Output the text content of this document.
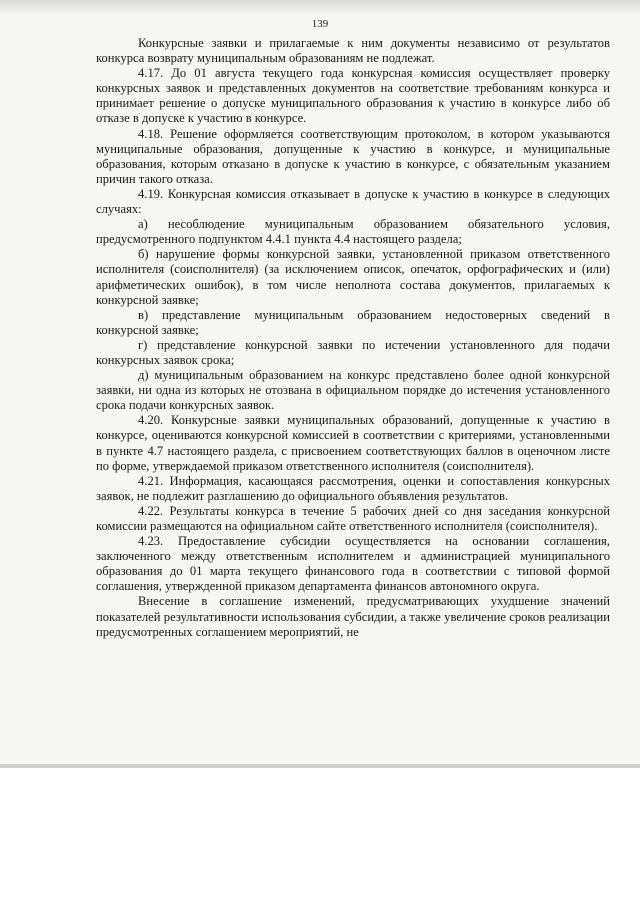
139

Конкурсные заявки и прилагаемые к ним документы независимо от результатов конкурса возврату муниципальным образованиям не подлежат.

4.17. До 01 августа текущего года конкурсная комиссия осуществляет проверку конкурсных заявок и представленных документов на соответствие требованиям конкурса и принимает решение о допуске муниципального образования к участию в конкурсе либо об отказе в допуске к участию в конкурсе.

4.18. Решение оформляется соответствующим протоколом, в котором указываются муниципальные образования, допущенные к участию в конкурсе, и муниципальные образования, которым отказано в допуске к участию в конкурсе, с обязательным указанием причин такого отказа.

4.19. Конкурсная комиссия отказывает в допуске к участию в конкурсе в следующих случаях:

а) несоблюдение муниципальным образованием обязательного условия, предусмотренного подпунктом 4.4.1 пункта 4.4 настоящего раздела;

б) нарушение формы конкурсной заявки, установленной приказом ответственного исполнителя (соисполнителя) (за исключением описок, опечаток, орфографических и (или) арифметических ошибок), в том числе неполнота состава документов, прилагаемых к конкурсной заявке;

в) представление муниципальным образованием недостоверных сведений в конкурсной заявке;

г) представление конкурсной заявки по истечении установленного для подачи конкурсных заявок срока;

д) муниципальным образованием на конкурс представлено более одной конкурсной заявки, ни одна из которых не отозвана в официальном порядке до истечения установленного срока подачи конкурсных заявок.

4.20. Конкурсные заявки муниципальных образований, допущенные к участию в конкурсе, оцениваются конкурсной комиссией в соответствии с критериями, установленными в пункте 4.7 настоящего раздела, с присвоением соответствующих баллов в оценочном листе по форме, утверждаемой приказом ответственного исполнителя (соисполнителя).

4.21. Информация, касающаяся рассмотрения, оценки и сопоставления конкурсных заявок, не подлежит разглашению до официального объявления результатов.

4.22. Результаты конкурса в течение 5 рабочих дней со дня заседания конкурсной комиссии размещаются на официальном сайте ответственного исполнителя (соисполнителя).

4.23. Предоставление субсидии осуществляется на основании соглашения, заключенного между ответственным исполнителем и администрацией муниципального образования до 01 марта текущего финансового года в соответствии с типовой формой соглашения, утвержденной приказом департамента финансов автономного округа.

Внесение в соглашение изменений, предусматривающих ухудшение значений показателей результативности использования субсидии, а также увеличение сроков реализации предусмотренных соглашением мероприятий, не
